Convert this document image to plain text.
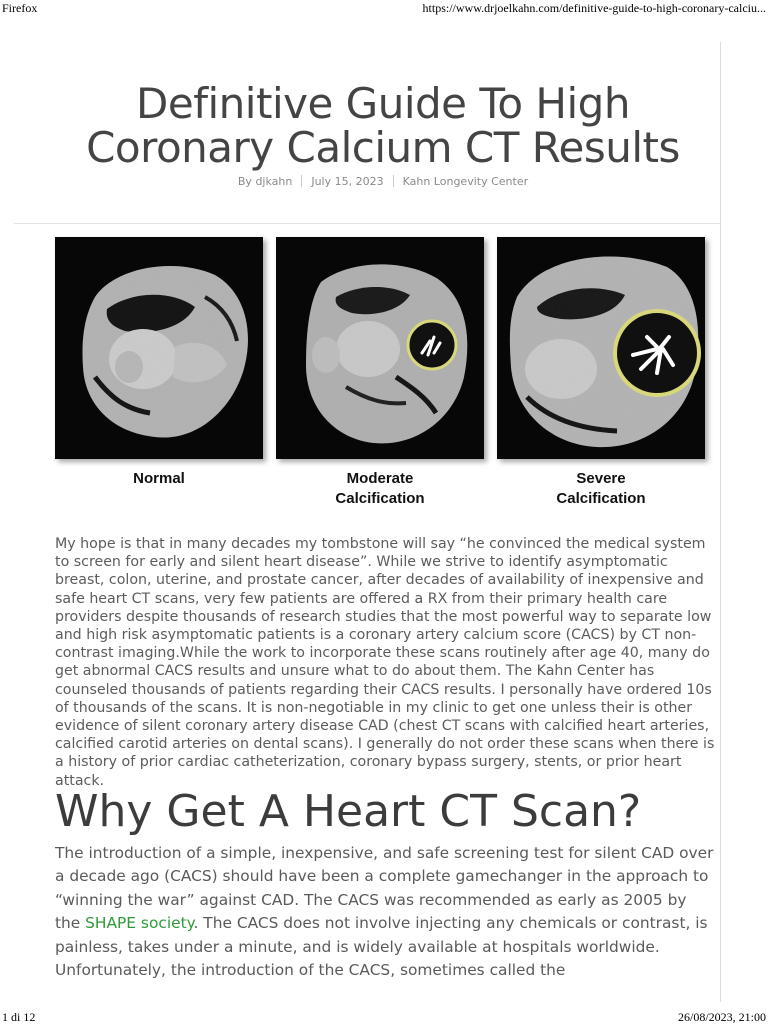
Firefox	https://www.drjoelkahn.com/definitive-guide-to-high-coronary-calciu...
Definitive Guide To High
Coronary Calcium CT Results
By djkahn July 15, 2023 Kahn Longevity Center
Normal	Moderate
Calcification
Severe
Calcification

My hope is that in many decades my tombstone will say “he convinced the medical system to screen for early and silent heart disease”. While we strive to identify asymptomatic breast, colon, uterine, and prostate cancer, after decades of availability of inexpensive and safe heart CT scans, very few patients are offered a RX from their primary health care providers despite thousands of research studies that the most powerful way to separate low and high risk asymptomatic patients is a coronary artery calcium score (CACS) by CT non-contrast imaging.While the work to incorporate these scans routinely after age 40, many do get abnormal CACS results and unsure what to do about them. The Kahn Center has counseled thousands of patients regarding their CACS results. I personally have ordered 10s of thousands of the scans. It is non-negotiable in my clinic to get one unless their is other evidence of silent coronary artery disease CAD (chest CT scans with calcified heart arteries, calcified carotid arteries on dental scans). I generally do not order these scans when there is a history of prior cardiac catheterization, coronary bypass surgery, stents, or prior heart attack.

Why Get A Heart CT Scan?

The introduction of a simple, inexpensive, and safe screening test for silent CAD over a decade ago (CACS) should have been a complete gamechanger in the approach to “winning the war” against CAD. The CACS was recommended as early as 2005 by the SHAPE society. The CACS does not involve injecting any chemicals or contrast, is painless, takes under a minute, and is widely available at hospitals worldwide. Unfortunately, the introduction of the CACS, sometimes called the

1 di 12	26/08/2023, 21:00
